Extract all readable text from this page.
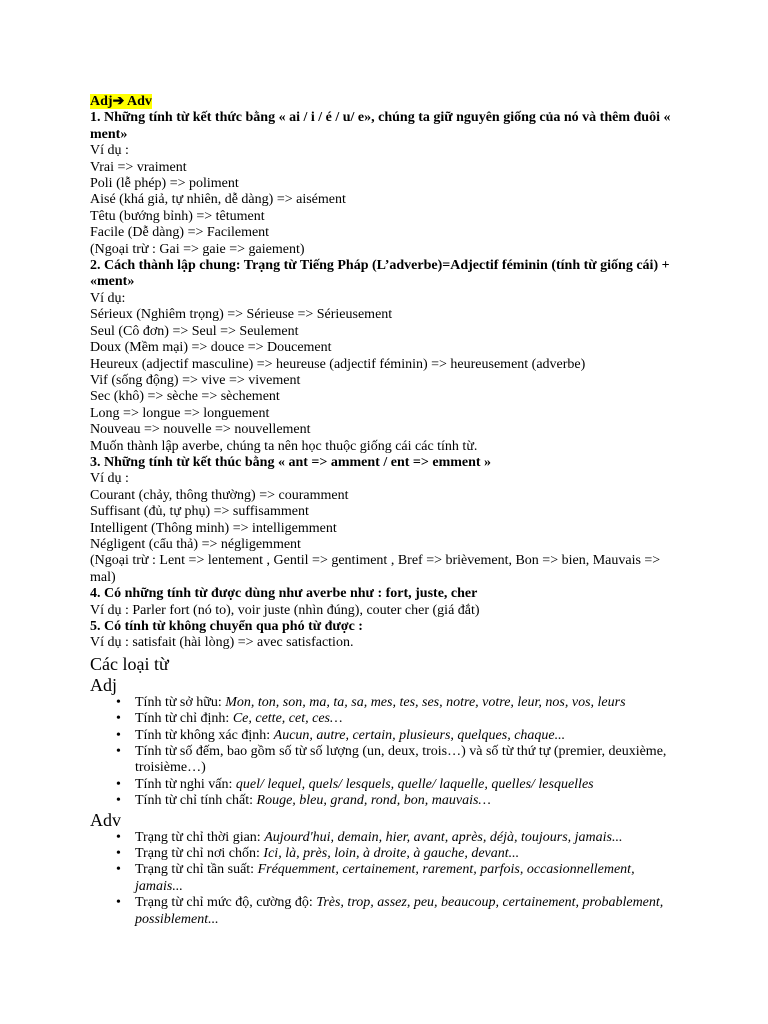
Adj➔ Adv
1. Những tính từ kết thức bằng « ai / i / é / u/ e», chúng ta giữ nguyên giống của nó và thêm đuôi « ment»
Ví dụ :
Vrai => vraiment
Poli (lễ phép) => poliment
Aisé (khá giả, tự nhiên, dễ dàng) => aisément
Têtu (bướng bỉnh) => têtument
Facile (Dễ dàng) => Facilement
(Ngoại trừ : Gai => gaie => gaiement)
2. Cách thành lập chung: Trạng từ Tiếng Pháp (L’adverbe)=Adjectif féminin (tính từ giống cái) + «ment»
Ví dụ:
Sérieux (Nghiêm trọng) => Sérieuse => Sérieusement
Seul (Cô đơn) => Seul => Seulement
Doux (Mềm mại) => douce => Doucement
Heureux (adjectif masculine) => heureuse (adjectif féminin) => heureusement (adverbe)
Vif (sống động) => vive => vivement
Sec (khô) => sèche => sèchement
Long => longue => longuement
Nouveau => nouvelle => nouvellement
Muốn thành lập averbe, chúng ta nên học thuộc giống cái các tính từ.
3. Những tính từ kết thúc bằng « ant => amment / ent => emment »
Ví dụ :
Courant (chảy, thông thường) => couramment
Suffisant (đủ, tự phụ) => suffisamment
Intelligent (Thông minh) => intelligemment
Négligent (cẩu thả) => négligemment
(Ngoại trừ : Lent => lentement , Gentil => gentiment , Bref => brièvement, Bon => bien, Mauvais => mal)
4. Có những tính từ được dùng như averbe như : fort, juste, cher
Ví dụ : Parler fort (nó to), voir juste (nhìn đúng), couter cher (giá đắt)
5. Có tính từ không chuyển qua phó từ được :
Ví dụ : satisfait (hài lòng) => avec satisfaction.
Các loại từ
Adj
• Tính từ sở hữu: Mon, ton, son, ma, ta, sa, mes, tes, ses, notre, votre, leur, nos, vos, leurs
• Tính từ chỉ định: Ce, cette, cet, ces…
• Tính từ không xác định: Aucun, autre, certain, plusieurs, quelques, chaque...
• Tính từ số đếm, bao gồm số từ số lượng (un, deux, trois…) và số từ thứ tự (premier, deuxième, troisième…)
• Tính từ nghi vấn: quel/ lequel, quels/ lesquels, quelle/ laquelle, quelles/ lesquelles
• Tính từ chỉ tính chất: Rouge, bleu, grand, rond, bon, mauvais…
Adv
• Trạng từ chỉ thời gian: Aujourd'hui, demain, hier, avant, après, déjà, toujours, jamais...
• Trạng từ chỉ nơi chốn: Ici, là, près, loin, à droite, à gauche, devant...
• Trạng từ chỉ tần suất: Fréquemment, certainement, rarement, parfois, occasionnellement, jamais...
• Trạng từ chỉ mức độ, cường độ: Très, trop, assez, peu, beaucoup, certainement, probablement, possiblement...
